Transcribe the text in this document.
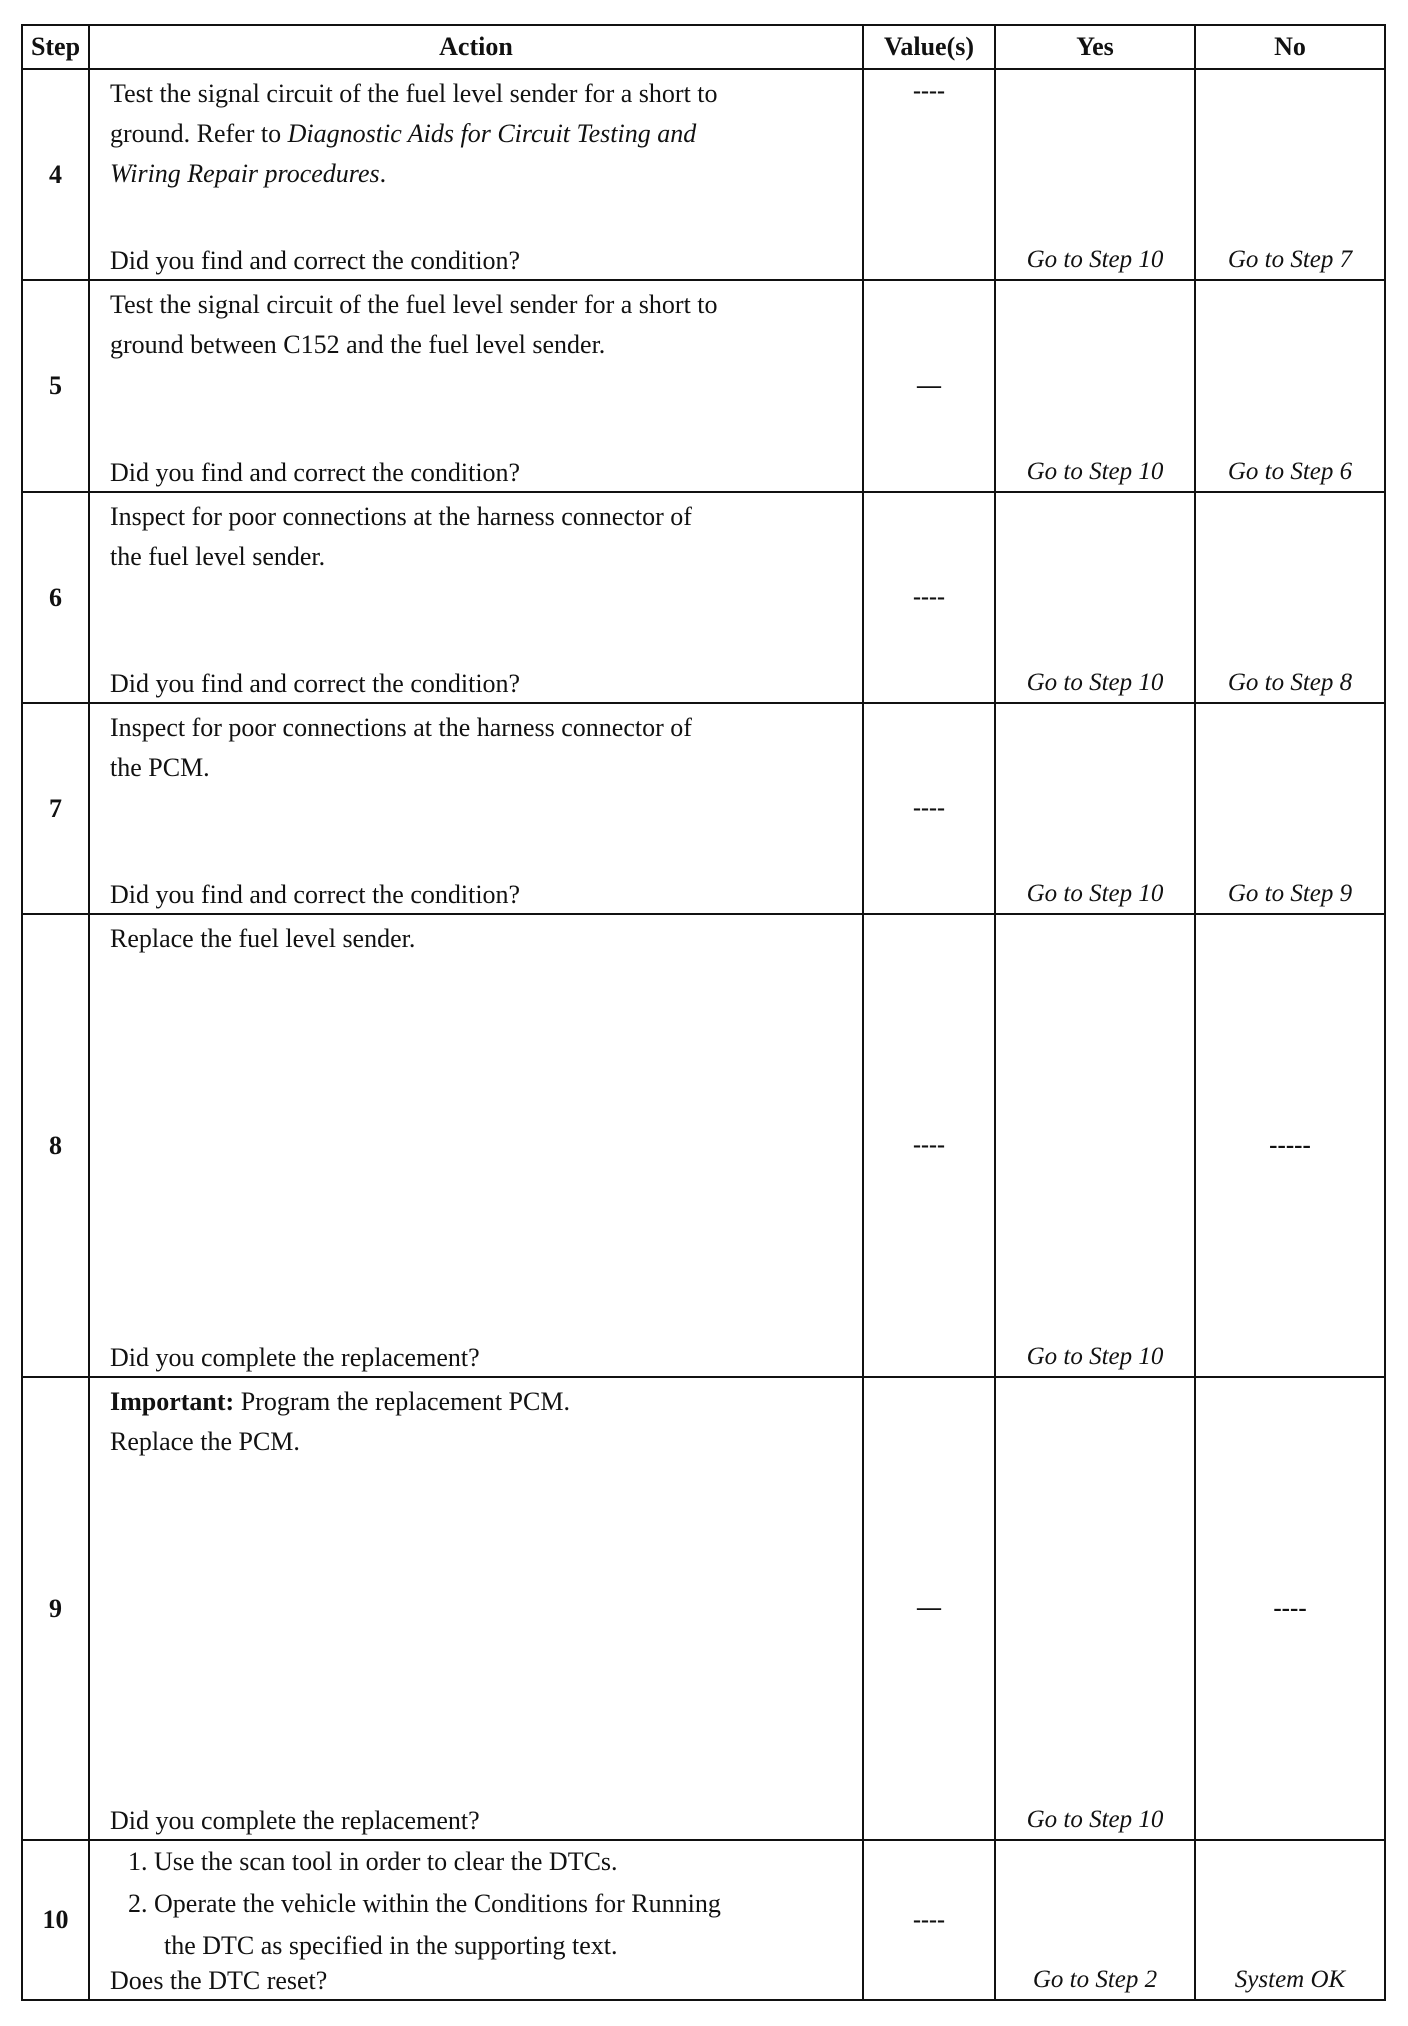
Step	Action	Value(s)	Yes	No
4	Test the signal circuit of the fuel level sender for a short to
ground. Refer to Diagnostic Aids for Circuit Testing and
Wiring Repair procedures.
Did you find and correct the condition?	----	Go to Step 10	Go to Step 7

5	Test the signal circuit of the fuel level sender for a short to
ground between C152 and the fuel level sender.
Did you find and correct the condition?	—	Go to Step 10	Go to Step 6

6	Inspect for poor connections at the harness connector of
the fuel level sender.
Did you find and correct the condition?	----	Go to Step 10	Go to Step 8

7	Inspect for poor connections at the harness connector of
the PCM.
Did you find and correct the condition?	----	Go to Step 10	Go to Step 9

8	Replace the fuel level sender.
Did you complete the replacement?	----	Go to Step 10	-----

9	Important: Program the replacement PCM.
Replace the PCM.
Did you complete the replacement?	—	Go to Step 10	----

10	1. Use the scan tool in order to clear the DTCs.
2. Operate the vehicle within the Conditions for Running
the DTC as specified in the supporting text.
Does the DTC reset?	----	Go to Step 2	System OK
